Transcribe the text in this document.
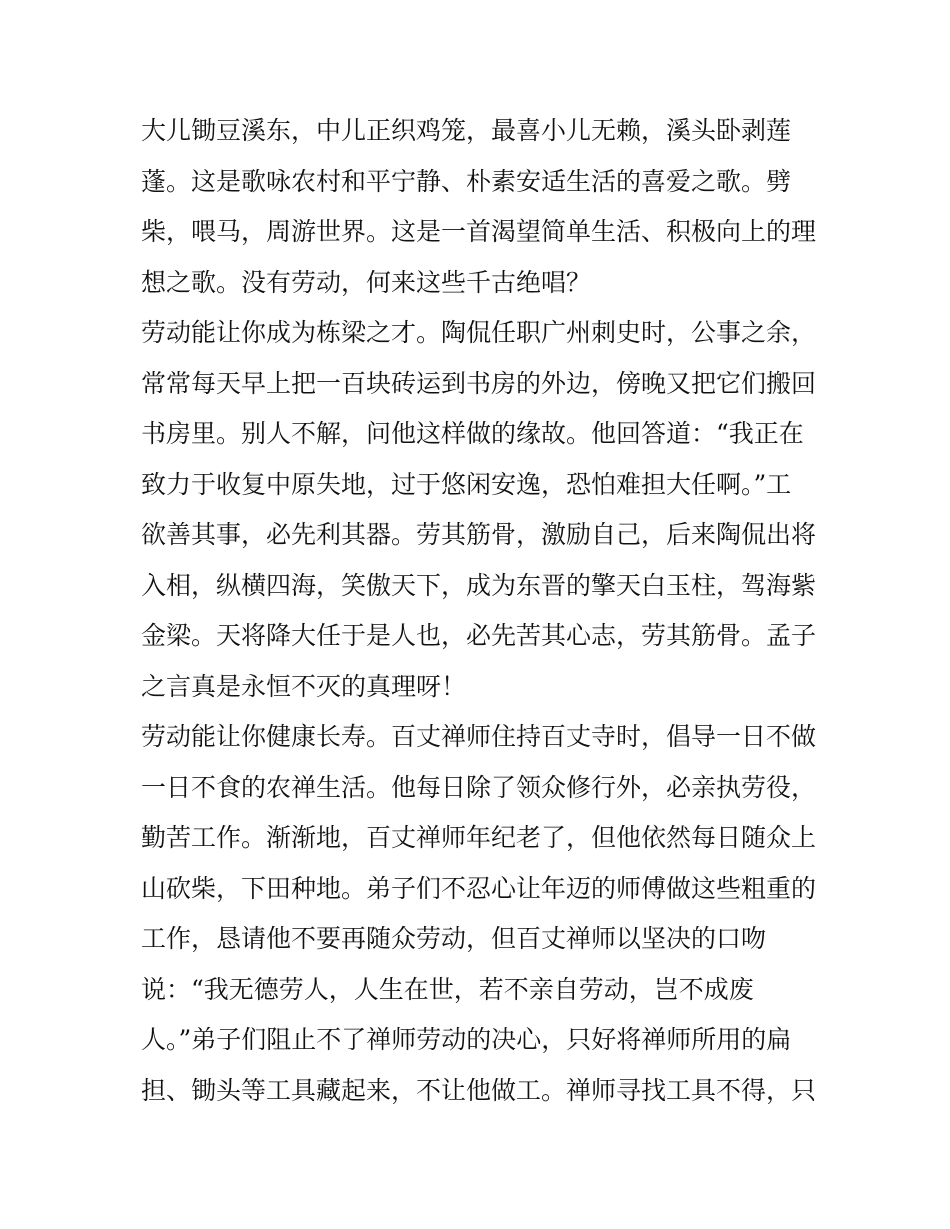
大儿锄豆溪东，中儿正织鸡笼，最喜小儿无赖，溪头卧剥莲
蓬。这是歌咏农村和平宁静、朴素安适生活的喜爱之歌。劈
柴，喂马，周游世界。这是一首渴望简单生活、积极向上的理
想之歌。没有劳动，何来这些千古绝唱？
劳动能让你成为栋梁之才。陶侃任职广州刺史时，公事之余，
常常每天早上把一百块砖运到书房的外边，傍晚又把它们搬回
书房里。别人不解，问他这样做的缘故。他回答道：“我正在
致力于收复中原失地，过于悠闲安逸，恐怕难担大任啊。”工
欲善其事，必先利其器。劳其筋骨，激励自己，后来陶侃出将
入相，纵横四海，笑傲天下，成为东晋的擎天白玉柱，驾海紫
金梁。天将降大任于是人也，必先苦其心志，劳其筋骨。孟子
之言真是永恒不灭的真理呀！
劳动能让你健康长寿。百丈禅师住持百丈寺时，倡导一日不做
一日不食的农禅生活。他每日除了领众修行外，必亲执劳役，
勤苦工作。渐渐地，百丈禅师年纪老了，但他依然每日随众上
山砍柴，下田种地。弟子们不忍心让年迈的师傅做这些粗重的
工作，恳请他不要再随众劳动，但百丈禅师以坚决的口吻
说：“我无德劳人，人生在世，若不亲自劳动，岂不成废
人。”弟子们阻止不了禅师劳动的决心，只好将禅师所用的扁
担、锄头等工具藏起来，不让他做工。禅师寻找工具不得，只
